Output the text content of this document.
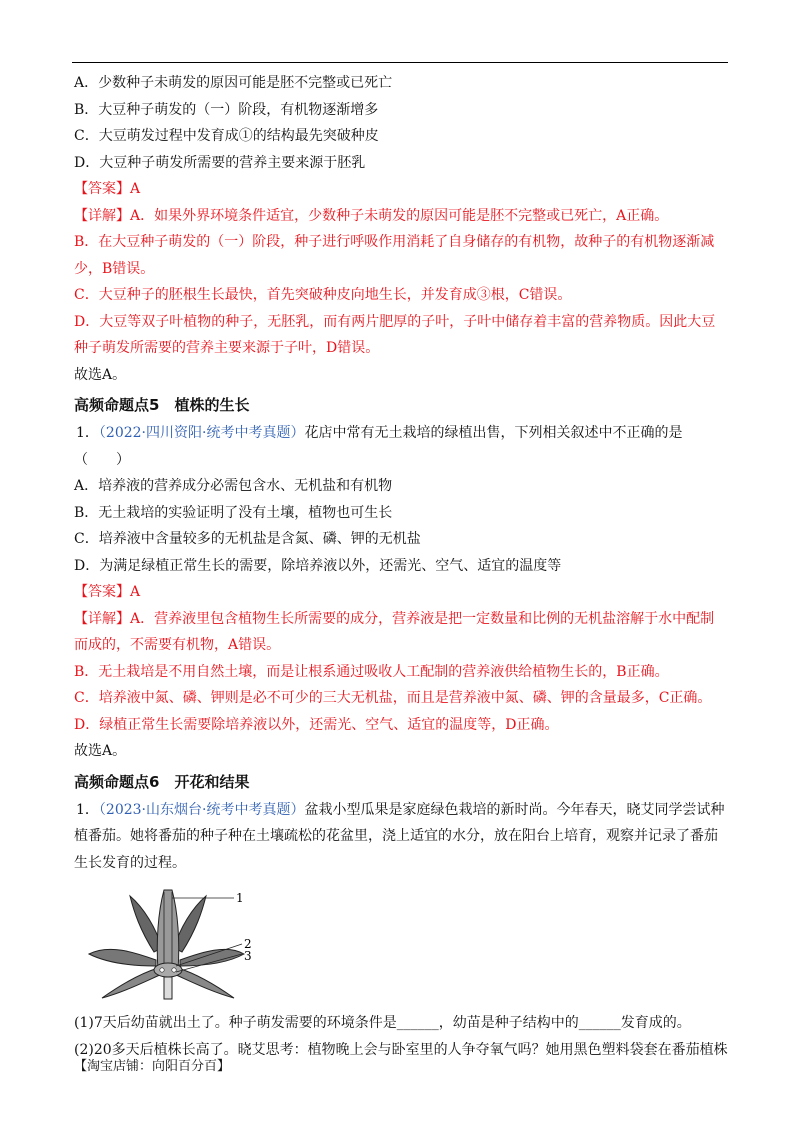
A．少数种子未萌发的原因可能是胚不完整或已死亡
B．大豆种子萌发的（一）阶段，有机物逐渐增多
C．大豆萌发过程中发育成①的结构最先突破种皮
D．大豆种子萌发所需要的营养主要来源于胚乳
【答案】A
【详解】A．如果外界环境条件适宜，少数种子未萌发的原因可能是胚不完整或已死亡，A正确。
B．在大豆种子萌发的（一）阶段，种子进行呼吸作用消耗了自身储存的有机物，故种子的有机物逐渐减
少，B错误。
C．大豆种子的胚根生长最快，首先突破种皮向地生长，并发育成③根，C错误。
D．大豆等双子叶植物的种子，无胚乳，而有两片肥厚的子叶，子叶中储存着丰富的营养物质。因此大豆
种子萌发所需要的营养主要来源于子叶，D错误。
故选A。
高频命题点5　植株的生长
1．（2022·四川资阳·统考中考真题）花店中常有无土栽培的绿植出售，下列相关叙述中不正确的是
（　　）
A．培养液的营养成分必需包含水、无机盐和有机物
B．无土栽培的实验证明了没有土壤，植物也可生长
C．培养液中含量较多的无机盐是含氮、磷、钾的无机盐
D．为满足绿植正常生长的需要，除培养液以外，还需光、空气、适宜的温度等
【答案】A
【详解】A．营养液里包含植物生长所需要的成分，营养液是把一定数量和比例的无机盐溶解于水中配制
而成的，不需要有机物，A错误。
B．无土栽培是不用自然土壤，而是让根系通过吸收人工配制的营养液供给植物生长的，B正确。
C．培养液中氮、磷、钾则是必不可少的三大无机盐，而且是营养液中氮、磷、钾的含量最多，C正确。
D．绿植正常生长需要除培养液以外，还需光、空气、适宜的温度等，D正确。
故选A。
高频命题点6　开花和结果
1．（2023·山东烟台·统考中考真题）盆栽小型瓜果是家庭绿色栽培的新时尚。今年春天，晓艾同学尝试种
植番茄。她将番茄的种子种在土壤疏松的花盆里，浇上适宜的水分，放在阳台上培育，观察并记录了番茄
生长发育的过程。
1
2
3
(1)7天后幼苗就出土了。种子萌发需要的环境条件是______，幼苗是种子结构中的______发育成的。
(2)20多天后植株长高了。晓艾思考：植物晚上会与卧室里的人争夺氧气吗？她用黑色塑料袋套在番茄植株
【淘宝店铺：向阳百分百】
